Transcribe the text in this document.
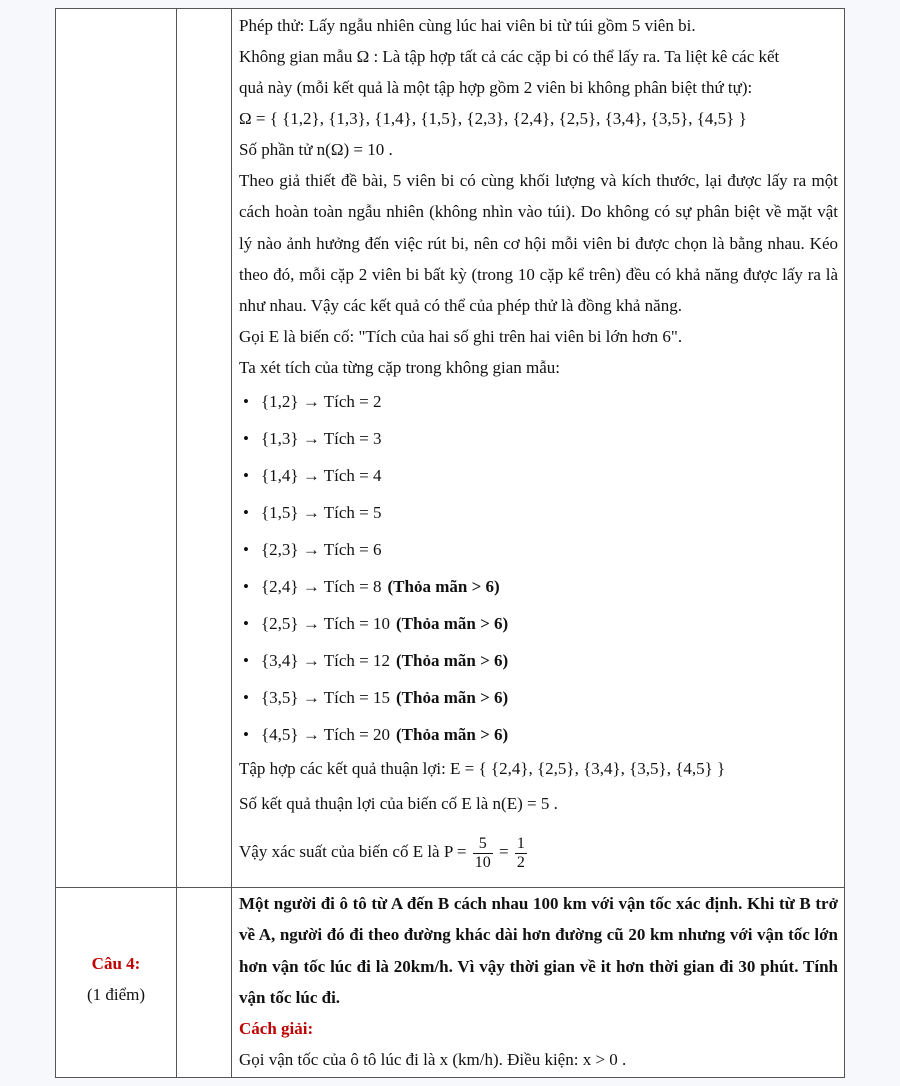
Phép thử: Lấy ngẫu nhiên cùng lúc hai viên bi từ túi gồm 5 viên bi.
Không gian mẫu Ω : Là tập hợp tất cả các cặp bi có thể lấy ra. Ta liệt kê các kết
quả này (mỗi kết quả là một tập hợp gồm 2 viên bi không phân biệt thứ tự):
Ω = { {1,2}, {1,3}, {1,4}, {1,5}, {2,3}, {2,4}, {2,5}, {3,4}, {3,5}, {4,5} }
Số phần tử n(Ω) = 10 .
Theo giả thiết đề bài, 5 viên bi có cùng khối lượng và kích thước, lại được lấy ra một cách hoàn toàn ngẫu nhiên (không nhìn vào túi). Do không có sự phân biệt về mặt vật lý nào ảnh hưởng đến việc rút bi, nên cơ hội mỗi viên bi được chọn là bằng nhau. Kéo theo đó, mỗi cặp 2 viên bi bất kỳ (trong 10 cặp kể trên) đều có khả năng được lấy ra là như nhau. Vậy các kết quả có thể của phép thử là đồng khả năng.
Gọi E là biến cố: "Tích của hai số ghi trên hai viên bi lớn hơn 6".
Ta xét tích của từng cặp trong không gian mẫu:
• {1,2} → Tích = 2
• {1,3} → Tích = 3
• {1,4} → Tích = 4
• {1,5} → Tích = 5
• {2,3} → Tích = 6
• {2,4} → Tích = 8 (Thỏa mãn > 6)
• {2,5} → Tích = 10 (Thỏa mãn > 6)
• {3,4} → Tích = 12 (Thỏa mãn > 6)
• {3,5} → Tích = 15 (Thỏa mãn > 6)
• {4,5} → Tích = 20 (Thỏa mãn > 6)
Tập hợp các kết quả thuận lợi: E = { {2,4}, {2,5}, {3,4}, {3,5}, {4,5} }
Số kết quả thuận lợi của biến cố E là n(E) = 5 .
Vậy xác suất của biến cố E là $P = \frac{5}{10} = \frac{1}{2}$
Câu 4:
(1 điểm)
Một người đi ô tô từ A đến B cách nhau 100 km với vận tốc xác định. Khi từ B trở về A, người đó đi theo đường khác dài hơn đường cũ 20 km nhưng với vận tốc lớn hơn vận tốc lúc đi là 20km/h. Vì vậy thời gian về it hơn thời gian đi 30 phút. Tính vận tốc lúc đi.
Cách giải:
Gọi vận tốc của ô tô lúc đi là x (km/h). Điều kiện: x > 0 .
